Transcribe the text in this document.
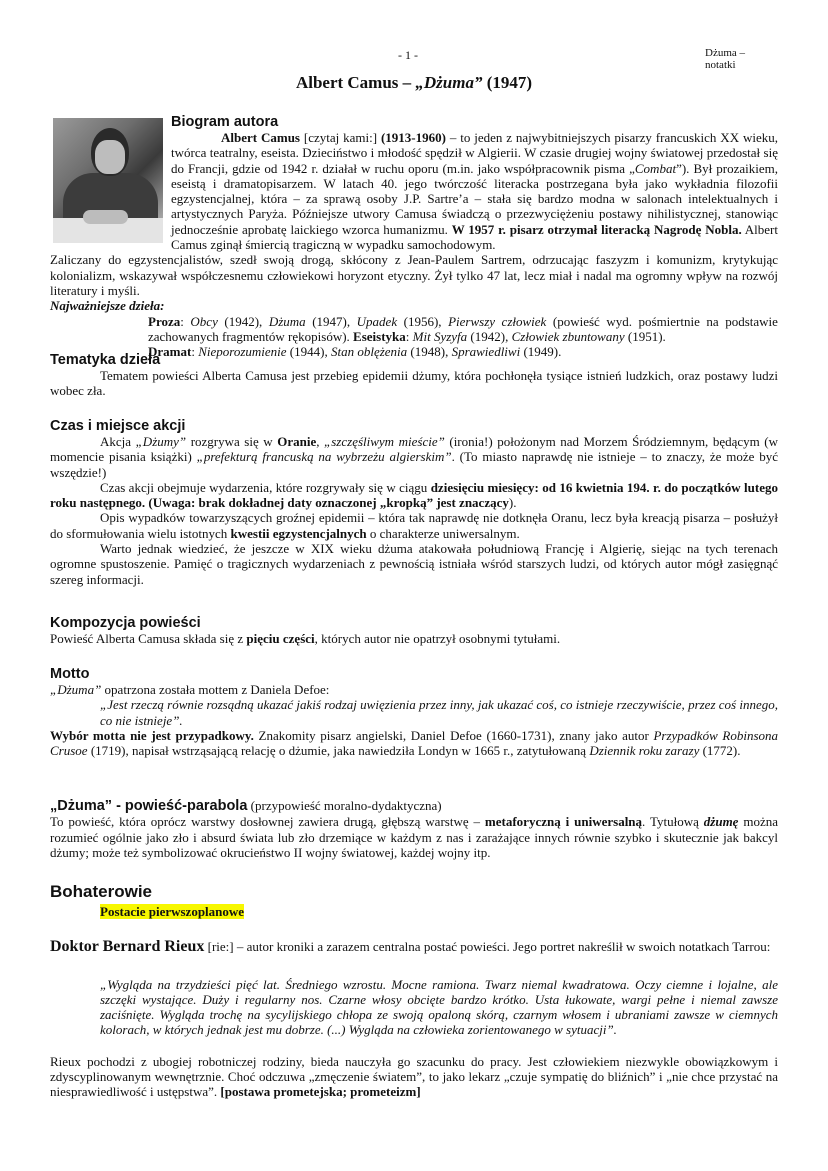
- 1 -	Dżuma – notatki
Albert Camus – „Dżuma” (1947)
Biogram autora

Albert Camus [czytaj kami:] (1913-1960) – to jeden z najwybitniejszych pisarzy francuskich XX wieku, twórca teatralny, eseista. Dzieciństwo i młodość spędził w Algierii. W czasie drugiej wojny światowej przedostał się do Francji, gdzie od 1942 r. działał w ruchu oporu (m.in. jako współpracownik pisma „Combat”). Był prozaikiem, eseistą i dramatopisarzem. W latach 40. jego twórczość literacka postrzegana była jako wykładnia filozofii egzystencjalnej, która – za sprawą osoby J.P. Sartre’a – stała się bardzo modna w salonach intelektualnych i artystycznych Paryża. Późniejsze utwory Camusa świadczą o przezwyciężeniu postawy nihilistycznej, stanowiąc jednocześnie aprobatę laickiego wzorca humanizmu. W 1957 r. pisarz otrzymał literacką Nagrodę Nobla. Albert Camus zginął śmiercią tragiczną w wypadku samochodowym.

Zaliczany do egzystencjalistów, szedł swoją drogą, skłócony z Jean-Paulem Sartrem, odrzucając faszyzm i komunizm, krytykując kolonializm, wskazywał współczesnemu człowiekowi horyzont etyczny. Żył tylko 47 lat, lecz miał i nadal ma ogromny wpływ na rozwój literatury i myśli.

Najważniejsze dzieła:

Proza: Obcy (1942), Dżuma (1947), Upadek (1956), Pierwszy człowiek (powieść wyd. pośmiertnie na podstawie zachowanych fragmentów rękopisów). Eseistyka: Mit Syzyfa (1942), Człowiek zbuntowany (1951).

Dramat: Nieporozumienie (1944), Stan oblężenia (1948), Sprawiedliwi (1949).

Tematyka dzieła

Tematem powieści Alberta Camusa jest przebieg epidemii dżumy, która pochłonęła tysiące istnień ludzkich, oraz postawy ludzi wobec zła.

Czas i miejsce akcji

Akcja „Dżumy” rozgrywa się w Oranie, „szczęśliwym mieście” (ironia!) położonym nad Morzem Śródziemnym, będącym (w momencie pisania książki) „prefekturą francuską na wybrzeżu algierskim”. (To miasto naprawdę nie istnieje – to znaczy, że może być wszędzie!)

Czas akcji obejmuje wydarzenia, które rozgrywały się w ciągu dziesięciu miesięcy: od 16 kwietnia 194. r. do początków lutego roku następnego. (Uwaga: brak dokładnej daty oznaczonej „kropką” jest znaczący).

Opis wypadków towarzyszących groźnej epidemii – która tak naprawdę nie dotknęła Oranu, lecz była kreacją pisarza – posłużył do sformułowania wielu istotnych kwestii egzystencjalnych o charakterze uniwersalnym.

Warto jednak wiedzieć, że jeszcze w XIX wieku dżuma atakowała południową Francję i Algierię, siejąc na tych terenach ogromne spustoszenie. Pamięć o tragicznych wydarzeniach z pewnością istniała wśród starszych ludzi, od których autor mógł zasięgnąć szereg informacji.

Kompozycja powieści

Powieść Alberta Camusa składa się z pięciu części, których autor nie opatrzył osobnymi tytułami.

Motto

„Dżuma” opatrzona została mottem z Daniela Defoe:

„Jest rzeczą równie rozsądną ukazać jakiś rodzaj uwięzienia przez inny, jak ukazać coś, co istnieje rzeczywiście, przez coś innego, co nie istnieje”.

Wybór motta nie jest przypadkowy. Znakomity pisarz angielski, Daniel Defoe (1660-1731), znany jako autor Przypadków Robinsona Crusoe (1719), napisał wstrząsającą relację o dżumie, jaka nawiedziła Londyn w 1665 r., zatytułowaną Dziennik roku zarazy (1772).

„Dżuma” - powieść-parabola (przypowieść moralno-dydaktyczna)

To powieść, która oprócz warstwy dosłownej zawiera drugą, głębszą warstwę – metaforyczną i uniwersalną. Tytułową dżumę można rozumieć ogólnie jako zło i absurd świata lub zło drzemiące w każdym z nas i zarażające innych równie szybko i skutecznie jak bakcyl dżumy; może też symbolizować okrucieństwo II wojny światowej, każdej wojny itp.

Bohaterowie

Postacie pierwszoplanowe

Doktor Bernard Rieux [rie:] – autor kroniki a zarazem centralna postać powieści. Jego portret nakreślił w swoich notatkach Tarrou:

„Wygląda na trzydzieści pięć lat. Średniego wzrostu. Mocne ramiona. Twarz niemal kwadratowa. Oczy ciemne i lojalne, ale szczęki wystające. Duży i regularny nos. Czarne włosy obcięte bardzo krótko. Usta łukowate, wargi pełne i niemal zawsze zaciśnięte. Wygląda trochę na sycylijskiego chłopa ze swoją opaloną skórą, czarnym włosem i ubraniami zawsze w ciemnych kolorach, w których jednak jest mu dobrze. (...) Wygląda na człowieka zorientowanego w sytuacji”.

Rieux pochodzi z ubogiej robotniczej rodziny, bieda nauczyła go szacunku do pracy. Jest człowiekiem niezwykle obowiązkowym i zdyscyplinowanym wewnętrznie. Choć odczuwa „zmęczenie światem”, to jako lekarz „czuje sympatię do bliźnich” i „nie chce przystać na niesprawiedliwość i ustępstwa”. [postawa prometejska; prometeizm]
